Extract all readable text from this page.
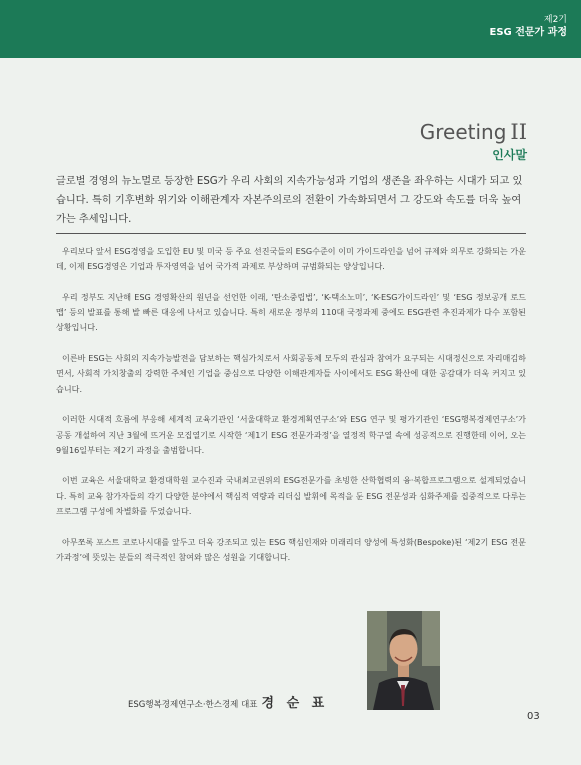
제2기
ESG 전문가 과정
Greeting II
인사말
글로벌 경영의 뉴노멀로 등장한 ESG가 우리 사회의 지속가능성과 기업의 생존을 좌우하는 시대가 되고 있습니다. 특히 기후변화 위기와 이해관계자 자본주의로의 전환이 가속화되면서 그 강도와 속도를 더욱 높여가는 추세입니다.

우리보다 앞서 ESG경영을 도입한 EU 및 미국 등 주요 선진국들의 ESG수준이 이미 가이드라인을 넘어 규제와 의무로 강화되는 가운데, 이제 ESG경영은 기업과 투자영역을 넘어 국가적 과제로 부상하며 규범화되는 양상입니다.

우리 정부도 지난해 ESG 경영확산의 원년을 선언한 이래, ‘탄소중립법’, ‘K-택소노미’, ‘K-ESG가이드라인’ 및 ‘ESG 정보공개 로드맵’ 등의 발표를 통해 발 빠른 대응에 나서고 있습니다. 특히 새로운 정부의 110대 국정과제 중에도 ESG관련 추진과제가 다수 포함된 상황입니다.

이른바 ESG는 사회의 지속가능발전을 담보하는 핵심가치로서 사회공동체 모두의 관심과 참여가 요구되는 시대정신으로 자리매김하면서, 사회적 가치창출의 강력한 주체인 기업을 중심으로 다양한 이해관계자들 사이에서도 ESG 확산에 대한 공감대가 더욱 커지고 있습니다.

이러한 시대적 흐름에 부응해 세계적 교육기관인 ‘서울대학교 환경계획연구소’와 ESG 연구 및 평가기관인 ‘ESG행복경제연구소’가 공동 개설하여 지난 3월에 뜨거운 모집열기로 시작한 ‘제1기 ESG 전문가과정’을 열정적 학구열 속에 성공적으로 진행한데 이어, 오는 9월16일부터는 제2기 과정을 출범합니다.

이번 교육은 서울대학교 환경대학원 교수진과 국내최고권위의 ESG전문가를 초빙한 산학협력의 융·복합프로그램으로 설계되었습니다. 특히 교육 참가자들의 각기 다양한 분야에서 핵심적 역량과 리더십 발휘에 목적을 둔 ESG 전문성과 심화주제를 집중적으로 다루는 프로그램 구성에 차별화를 두었습니다.

아무쪼록 포스트 코로나시대를 앞두고 더욱 강조되고 있는 ESG 핵심인재와 미래리더 양성에 특성화(Bespoke)된 ‘제2기 ESG 전문가과정’에 뜻있는 분들의 적극적인 참여와 많은 성원을 기대합니다.

ESG행복경제연구소·한스경제 대표 경 순 표
03
